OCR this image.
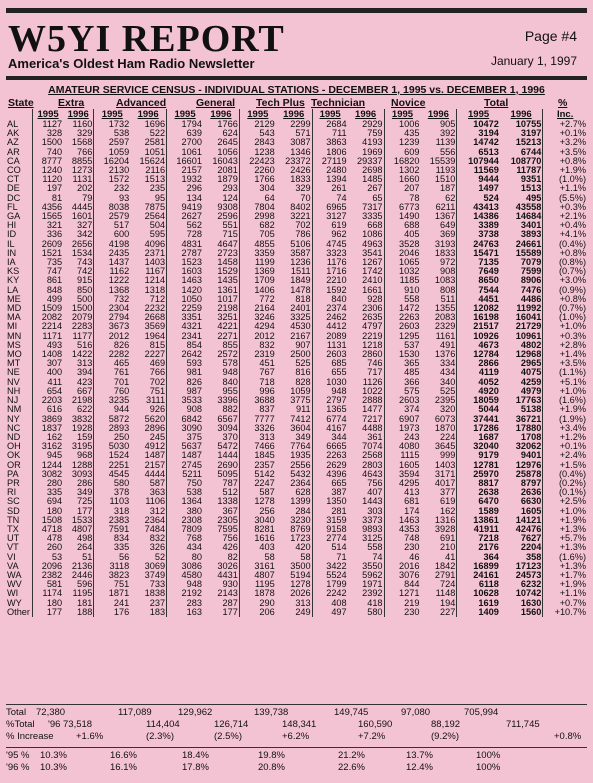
W5YI REPORT
America's Oldest Ham Radio Newsletter
Page #4
January 1, 1997
AMATEUR SERVICE CENSUS - INDIVIDUAL STATIONS - DECEMBER 1, 1995 vs. DECEMBER 1, 1996
State Extra	Advanced	General Tech Plus Technician Novice	Total	%
	1995	1996	1995	1996	1995	1996	1995	1996	1995	1996	1995	1996	1995	1996	Inc.
AL	1127	1160	1732	1696	1794	1766	2129	2299	2684	2929	1006	905	10472	10755	+2.7%
AK	328	329	538	522	639	624	543	571	711	759	435	392	3194	3197	+0.1%
AZ	1500	1568	2597	2581	2700	2645	2843	3087	3863	4193	1239	1139	14742	15213	+3.2%
AR	740	766	1059	1051	1061	1056	1238	1346	1806	1969	609	556	6513	6744	+3.5%
CA	8777	8855	16204	15624	16601	16043	22423	23372	27119	29337	16820	15539	107944	108770	+0.8%
CO	1240	1273	2130	2116	2157	2081	2260	2426	2480	2698	1302	1193	11569	11787	+1.9%
CT	1120	1131	1572	1513	1932	1879	1766	1833	1394	1485	1660	1510	9444	9351	(1.0%)
DE	197	202	232	235	296	293	304	329	261	267	207	187	1497	1513	+1.1%
DC	81	79	93	95	134	124	64	70	74	65	78	62	524	495	(5.5%)
FL	4356	4445	8038	7875	9419	9308	7804	8402	6965	7317	6773	6211	43413	43558	+0.3%
GA	1565	1601	2579	2564	2627	2596	2998	3221	3127	3335	1490	1367	14386	14684	+2.1%
HI	321	327	517	504	562	551	682	702	619	668	688	649	3389	3401	+0.4%
ID	336	342	600	595	728	715	705	786	962	1086	405	369	3738	3893	+4.1%
IL	2609	2656	4198	4096	4831	4647	4855	5106	4745	4963	3528	3193	24763	24661	(0.4%)
IN	1521	1534	2435	2371	2787	2723	3359	3587	3323	3541	2046	1833	15471	15589	+0.8%
IA	735	743	1437	1403	1523	1458	1199	1236	1176	1267	1065	972	7135	7079	(0.8%)
KS	747	742	1162	1167	1603	1529	1369	1511	1716	1742	1032	908	7649	7599	(0.7%)
KY	861	915	1222	1214	1463	1435	1709	1849	2210	2410	1185	1083	8650	8906	+3.0%
LA	848	850	1368	1318	1420	1361	1406	1478	1592	1661	910	808	7544	7476	(0.9%)
ME	499	500	732	712	1050	1017	772	818	840	928	558	511	4451	4486	+0.8%
MD	1509	1500	2304	2232	2259	2198	2164	2401	2374	2306	1472	1355	12082	11992	(0.7%)
MA	2082	2079	2794	2668	3351	3251	3246	3325	2462	2635	2263	2083	16198	16041	(1.0%)
MI	2214	2283	3673	3569	4321	4221	4294	4530	4412	4797	2603	2329	21517	21729	+1.0%
MN	1171	1177	2012	1964	2341	2271	2012	2167	2089	2219	1295	1161	10926	10961	+0.3%
MS	493	516	826	815	854	855	832	907	1131	1218	537	491	4673	4802	+2.8%
MO	1408	1422	2282	2227	2642	2572	2319	2500	2603	2860	1530	1376	12784	12968	+1.4%
MT	307	313	465	469	593	578	451	525	685	746	365	334	2866	2965	+3.5%
NE	400	394	761	766	981	948	767	816	655	717	485	434	4119	4075	(1.1%)
NV	411	423	701	702	826	840	718	828	1030	1126	366	340	4052	4259	+5.1%
NH	654	667	760	751	987	955	996	1059	948	1022	575	525	4920	4979	+1.0%
NJ	2203	2198	3235	3111	3533	3396	3688	3775	2797	2888	2603	2395	18059	17763	(1.6%)
NM	616	622	944	926	908	882	837	911	1365	1477	374	320	5044	5138	+1.9%
NY	3869	3832	5872	5620	6842	6567	7777	7412	6774	7217	6907	6073	37441	36721	(1.9%)
NC	1837	1928	2893	2896	3090	3094	3326	3604	4167	4488	1973	1870	17286	17880	+3.4%
ND	162	159	250	245	375	370	313	349	344	361	243	224	1687	1708	+1.2%
OH	3162	3195	5030	4912	5637	5472	7466	7764	6665	7074	4080	3645	32040	32062	+0.1%
OK	945	968	1524	1487	1487	1444	1845	1935	2263	2568	1115	999	9179	9401	+2.4%
OR	1244	1288	2251	2157	2745	2690	2357	2556	2629	2803	1605	1403	12781	12976	+1.5%
PA	3082	3093	4545	4444	5211	5095	5142	5432	4396	4643	3594	3171	25970	25878	(0.4%)
PR	280	286	580	587	750	787	2247	2364	665	756	4295	4017	8817	8797	(0.2%)
RI	335	349	378	363	538	512	587	628	387	407	413	377	2638	2636	(0.1%)
SC	694	725	1103	1106	1364	1338	1278	1399	1350	1443	681	619	6470	6630	+2.5%
SD	180	177	318	312	380	367	256	284	281	303	174	162	1589	1605	+1.0%
TN	1508	1533	2383	2364	2308	2305	3040	3230	3159	3373	1463	1316	13861	14121	+1.9%
TX	4718	4807	7591	7484	7809	7595	8281	8769	9158	9893	4353	3928	41911	42476	+1.3%
UT	478	498	834	832	768	756	1616	1723	2774	3125	748	691	7218	7627	+5.7%
VT	260	264	335	326	434	426	403	420	514	558	230	210	2176	2204	+1.3%
VI	53	51	56	52	80	82	58	58	71	74	46	41	364	358	(1.6%)
VA	2096	2136	3118	3069	3086	3026	3161	3500	3422	3550	2016	1842	16899	17123	+1.3%
WA	2382	2446	3823	3749	4580	4431	4807	5194	5524	5962	3076	2791	24161	24573	+1.7%
WV	581	596	751	733	948	930	1195	1278	1799	1971	844	724	6118	6232	+1.9%
WI	1174	1195	1871	1838	2192	2143	1878	2026	2242	2392	1271	1148	10628	10742	+1.1%
WY	180	181	241	237	283	287	290	313	408	418	219	194	1619	1630	+0.7%
Other	177	188	176	183	163	177	206	249	497	580	230	227	1409	1560	+10.7%
Total 72,380	117,089	129,962	139,738	149,745	97,080	705,994
%Total '96 73,518	114,404	126,714	148,341	160,590	88,192	711,745
% Increase +1.6%	(2.3%)	(2.5%)	+6.2%	+7.2%	(9.2%)	+0.8%
'95 % 10.3%	16.6%	18.4%	19.8%	21.2%	13.7%	100%
'96 % 10.3%	16.1%	17.8%	20.8%	22.6%	12.4%	100%
